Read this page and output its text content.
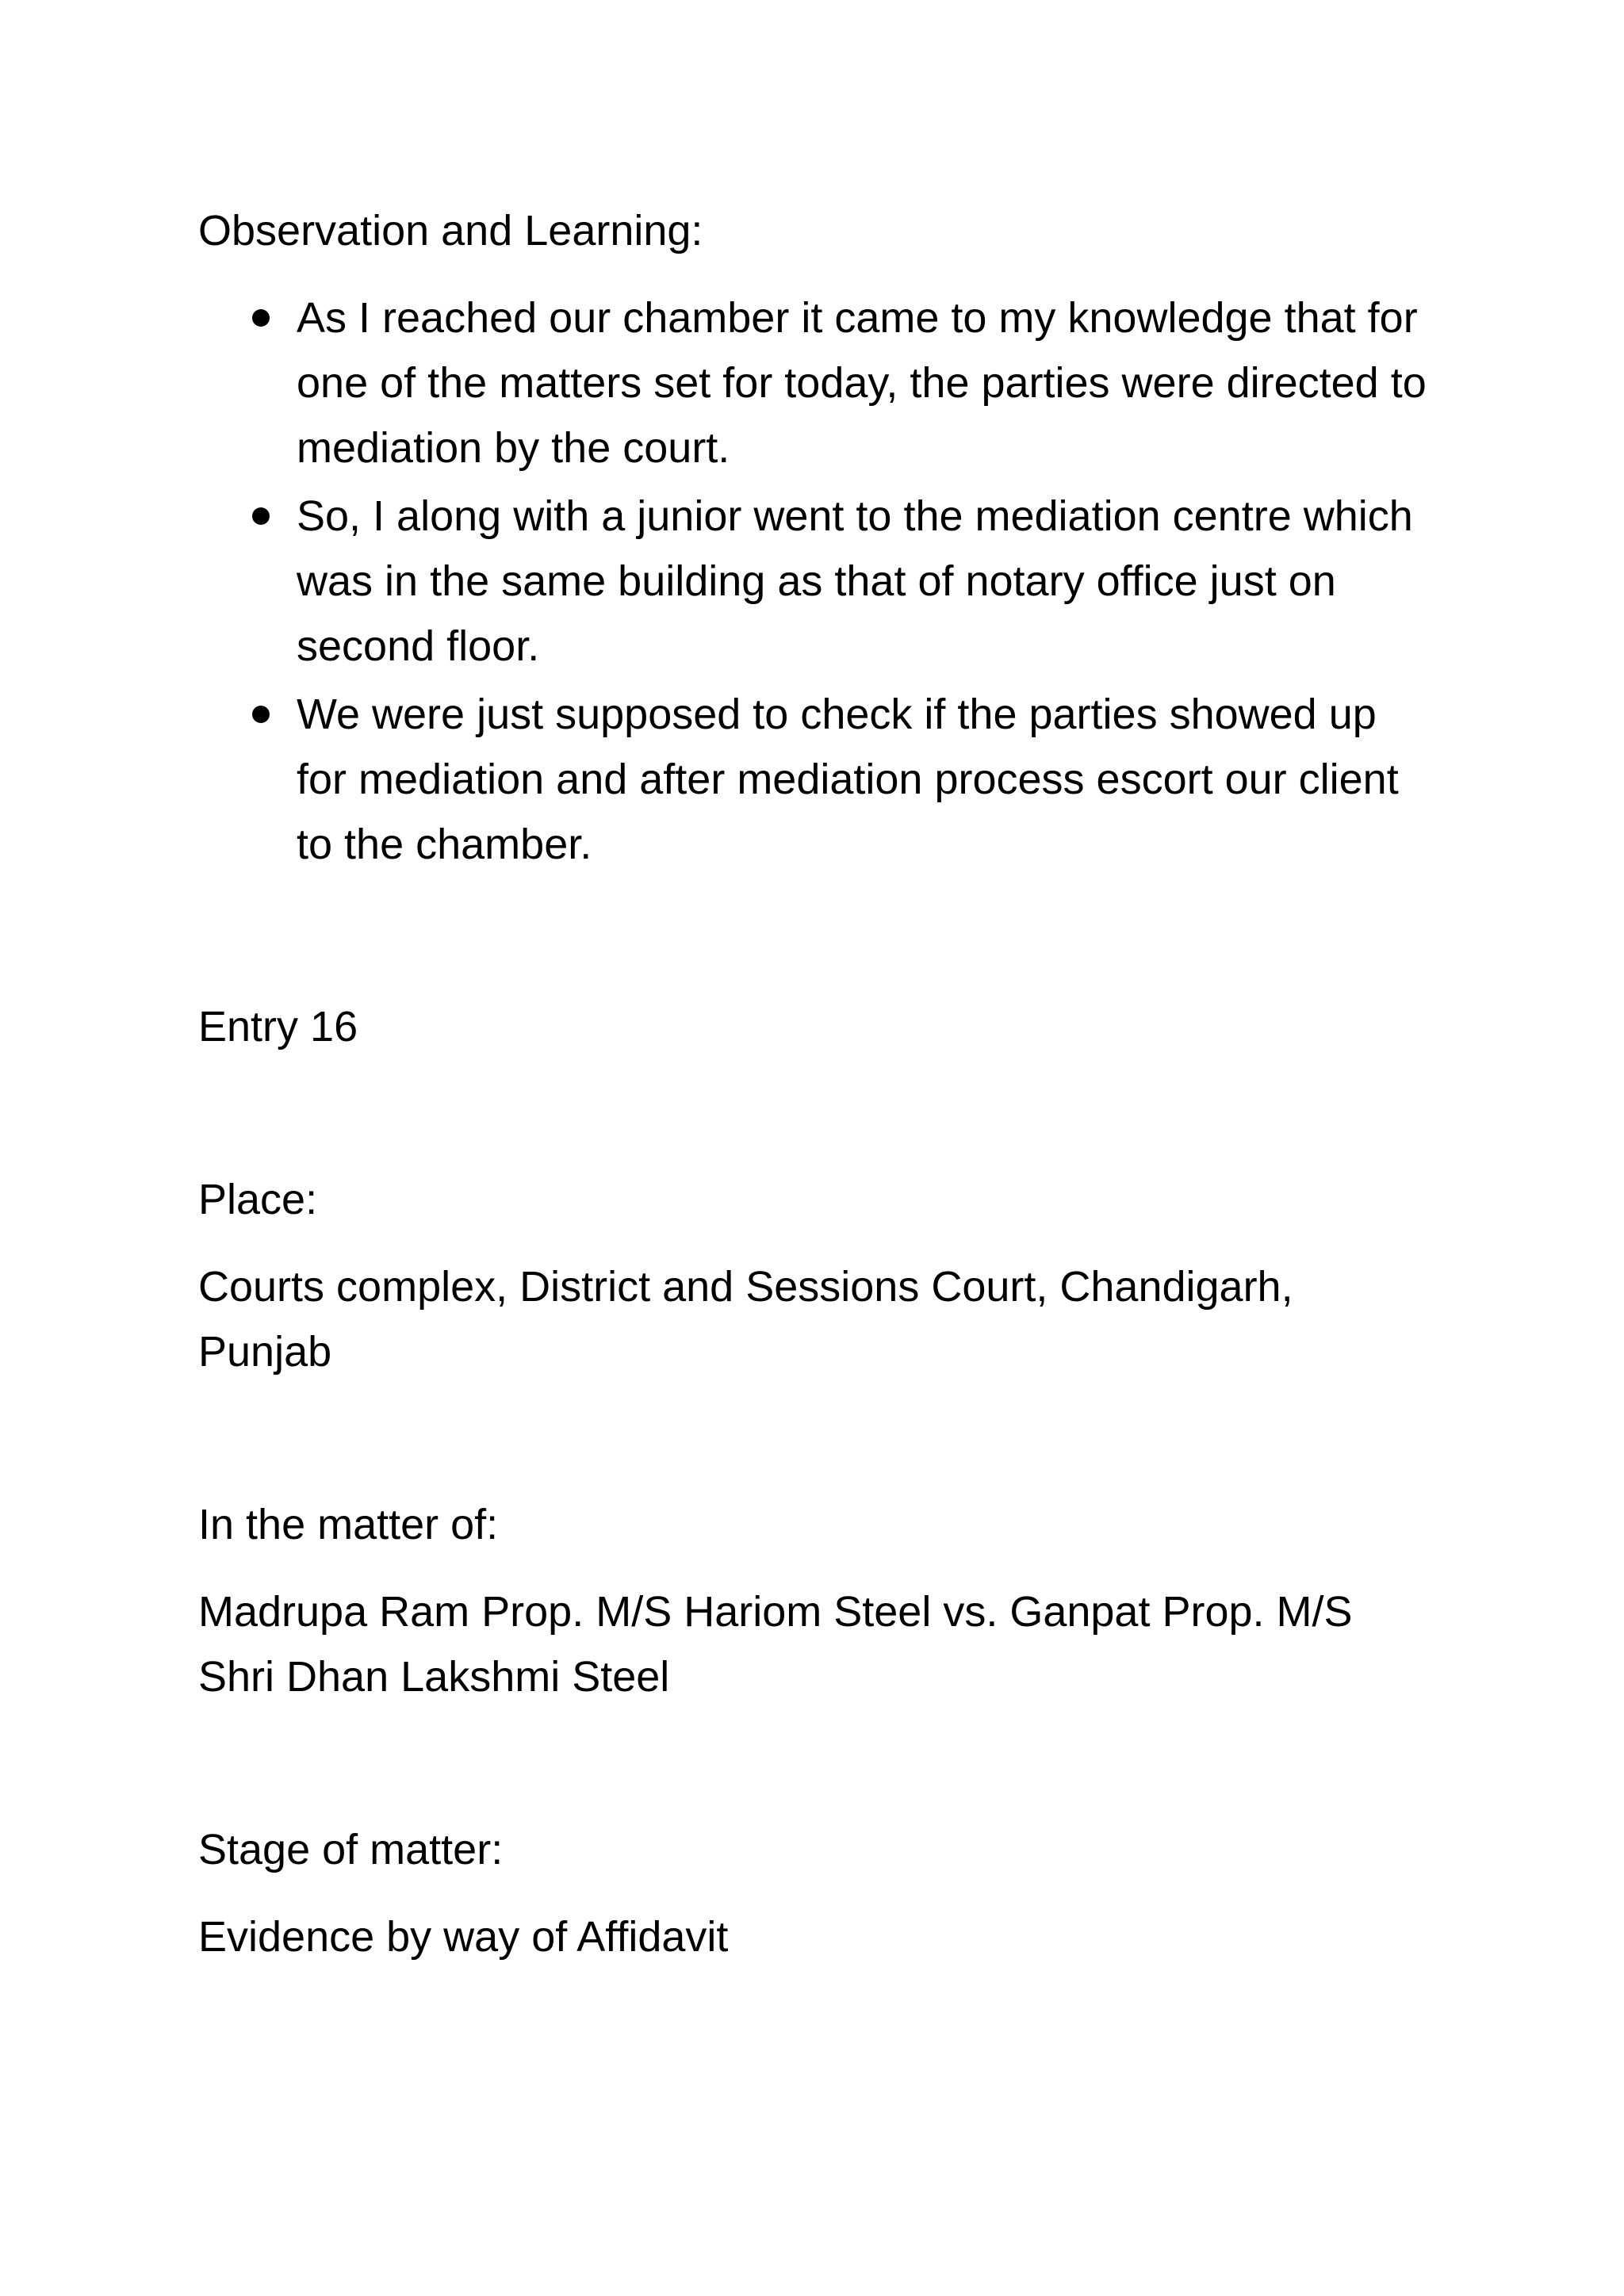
Observation and Learning:

As I reached our chamber it came to my knowledge that for one of the matters set for today, the parties were directed to mediation by the court.
So, I along with a junior went to the mediation centre which was in the same building as that of notary office just on second floor.
We were just supposed to check if the parties showed up for mediation and after mediation process escort our client to the chamber.

Entry 16

Place:

Courts complex, District and Sessions Court, Chandigarh, Punjab

In the matter of:

Madrupa Ram Prop. M/S Hariom Steel vs. Ganpat Prop. M/S Shri Dhan Lakshmi Steel

Stage of matter:

Evidence by way of Affidavit
